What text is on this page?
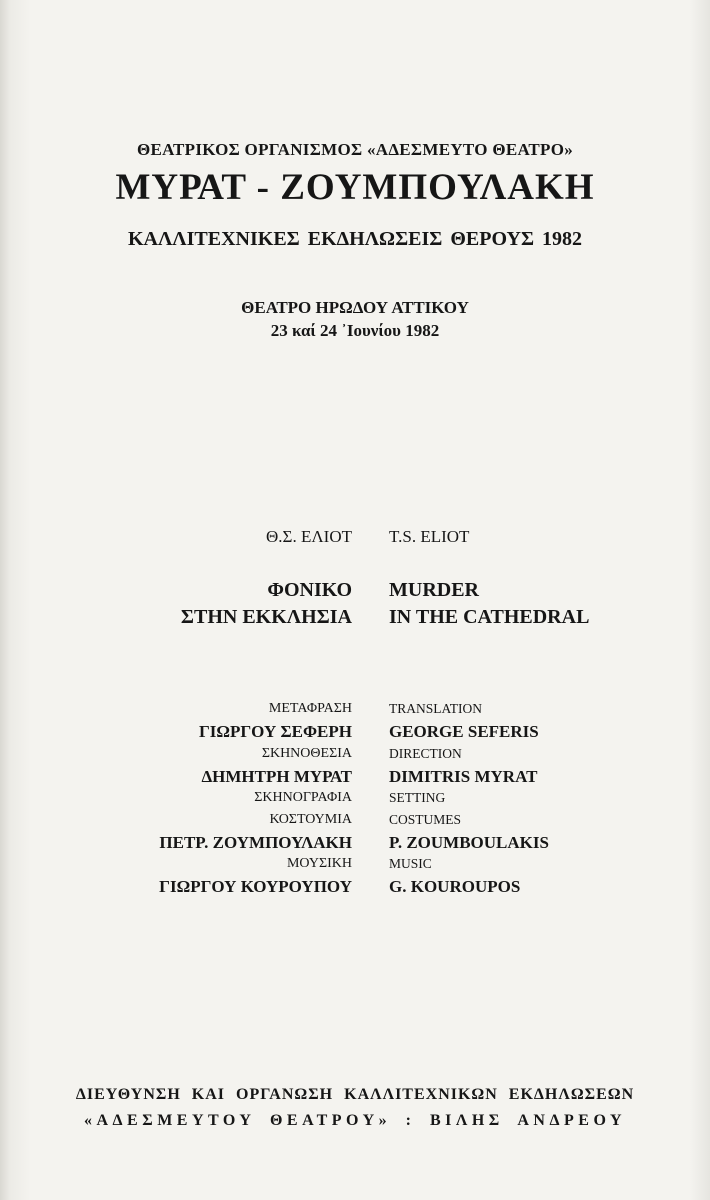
ΘΕΑΤΡΙΚΟΣ ΟΡΓΑΝΙΣΜΟΣ «ΑΔΕΣΜΕΥΤΟ ΘΕΑΤΡΟ»
ΜΥΡΑΤ - ΖΟΥΜΠΟΥΛΑΚΗ
ΚΑΛΛΙΤΕΧΝΙΚΕΣ ΕΚΔΗΛΩΣΕΙΣ ΘΕΡΟΥΣ 1982
ΘΕΑΤΡΟ ΗΡΩΔΟΥ ΑΤΤΙΚΟΥ
23 καί 24 ᾿Ιουνίου 1982
Θ.Σ. ΕΛΙΟΤ T.S. ELIOT
ΦΟΝΙΚΟ
ΣΤΗΝ ΕΚΚΛΗΣΙΑ
MURDER
IN THE CATHEDRAL
ΜΕΤΑΦΡΑΣΗ
ΓΙΩΡΓΟΥ ΣΕΦΕΡΗ
ΣΚΗΝΟΘΕΣΙΑ
ΔΗΜΗΤΡΗ ΜΥΡΑΤ
ΣΚΗΝΟΓΡΑΦΙΑ
ΚΟΣΤΟΥΜΙΑ
ΠΕΤΡ. ΖΟΥΜΠΟΥΛΑΚΗ
ΜΟΥΣΙΚΗ
ΓΙΩΡΓΟΥ ΚΟΥΡΟΥΠΟΥ
TRANSLATION
GEORGE SEFERIS
DIRECTION
DIMITRIS MYRAT
SETTING
COSTUMES
P. ZOUMBOULAKIS
MUSIC
G. KOUROUPOS
ΔΙΕΥΘΥΝΣΗ ΚΑΙ ΟΡΓΑΝΩΣΗ ΚΑΛΛΙΤΕΧΝΙΚΩΝ ΕΚΔΗΛΩΣΕΩΝ
«ΑΔΕΣΜΕΥΤΟΥ ΘΕΑΤΡΟΥ» : ΒΙΛΗΣ ΑΝΔΡΕΟΥ
